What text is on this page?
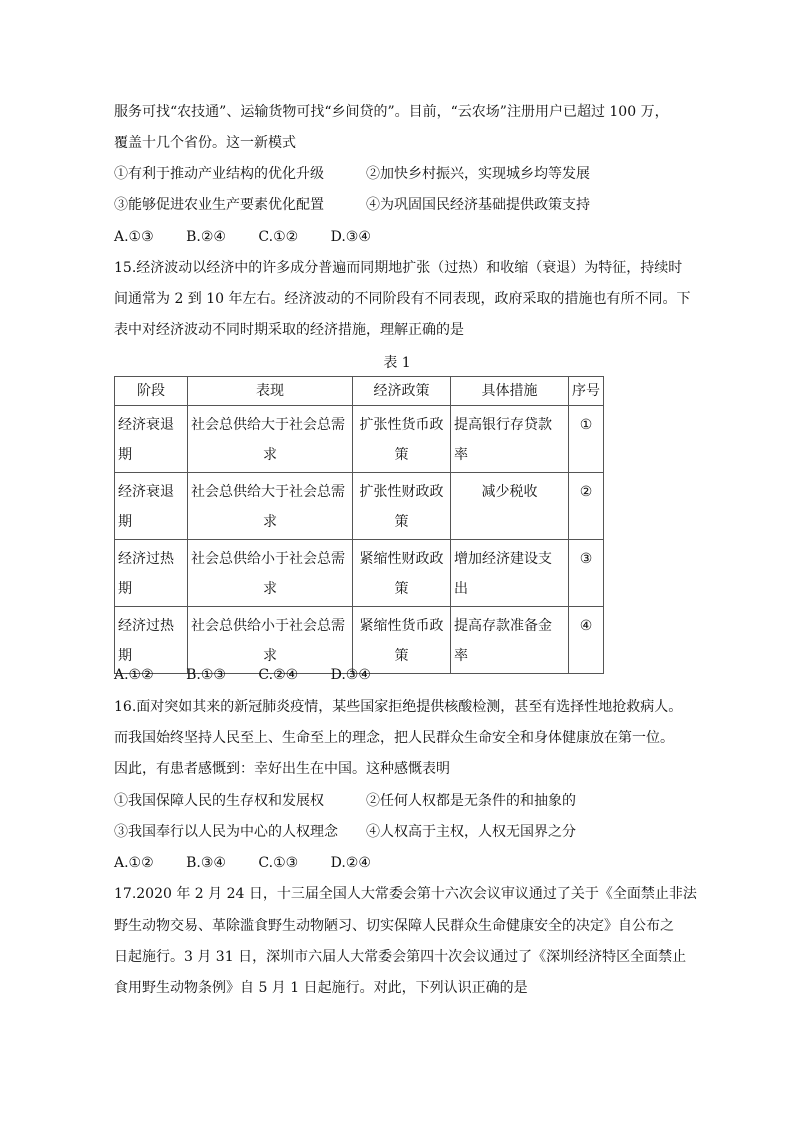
服务可找“农技通”、运输货物可找“乡间贷的”。目前，“云农场”注册用户已超过 100 万，
覆盖十几个省份。这一新模式
①有利于推动产业结构的优化升级　　　②加快乡村振兴，实现城乡均等发展
③能够促进农业生产要素优化配置　　　④为巩固国民经济基础提供政策支持
A.①③　　 B.②④　　 C.①②　　 D.③④
15.经济波动以经济中的许多成分普遍而同期地扩张（过热）和收缩（衰退）为特征，持续时
间通常为 2 到 10 年左右。经济波动的不同阶段有不同表现，政府采取的措施也有所不同。下
表中对经济波动不同时期采取的经济措施，理解正确的是
表 1
阶段	表现	经济政策	具体措施	序号
经济衰退期	社会总供给大于社会总需
求	扩张性货币政
策	提高银行存贷款率	①
经济衰退期	社会总供给大于社会总需
求	扩张性财政政
策	减少税收	②
经济过热期	社会总供给小于社会总需
求	紧缩性财政政
策	增加经济建设支出	③
经济过热期	社会总供给小于社会总需
求	紧缩性货币政
策	提高存款准备金率	④
A.①②　　 B.①③　　 C.②④　　 D.③④
16.面对突如其来的新冠肺炎疫情，某些国家拒绝提供核酸检测，甚至有选择性地抢救病人。
而我国始终坚持人民至上、生命至上的理念，把人民群众生命安全和身体健康放在第一位。
因此，有患者感慨到：幸好出生在中国。这种感慨表明
①我国保障人民的生存权和发展权　　　②任何人权都是无条件的和抽象的
③我国奉行以人民为中心的人权理念　　④人权高于主权，人权无国界之分
A.①②　　 B.③④　　 C.①③　　 D.②④
17.2020 年 2 月 24 日，十三届全国人大常委会第十六次会议审议通过了关于《全面禁止非法
野生动物交易、革除滥食野生动物陋习、切实保障人民群众生命健康安全的决定》自公布之
日起施行。3 月 31 日，深圳市六届人大常委会第四十次会议通过了《深圳经济特区全面禁止
食用野生动物条例》自 5 月 1 日起施行。对此，下列认识正确的是
